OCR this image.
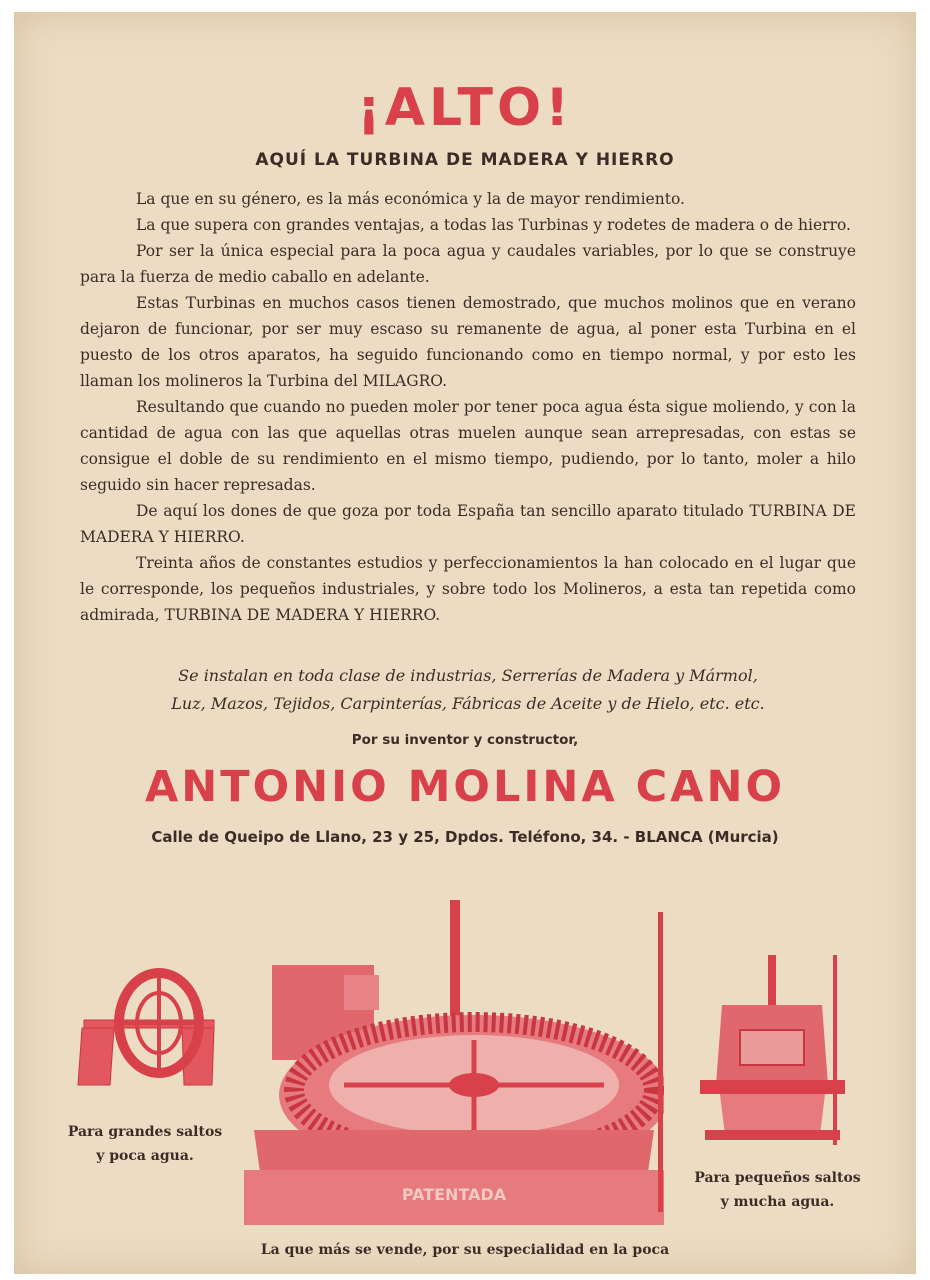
¡ALTO!
AQUÍ LA TURBINA DE MADERA Y HIERRO

La que en su género, es la más económica y la de mayor rendimiento.

La que supera con grandes ventajas, a todas las Turbinas y rodetes de madera o de hierro.

Por ser la única especial para la poca agua y caudales variables, por lo que se construye para la fuerza de medio caballo en adelante.

Estas Turbinas en muchos casos tienen demostrado, que muchos molinos que en verano dejaron de funcionar, por ser muy escaso su remanente de agua, al poner esta Turbina en el puesto de los otros aparatos, ha seguido funcionando como en tiempo normal, y por esto les llaman los molineros la Turbina del MILAGRO.

Resultando que cuando no pueden moler por tener poca agua ésta sigue moliendo, y con la cantidad de agua con las que aquellas otras muelen aunque sean arrepresadas, con estas se consigue el doble de su rendimiento en el mismo tiempo, pudiendo, por lo tanto, moler a hilo seguido sin hacer represadas.

De aquí los dones de que goza por toda España tan sencillo aparato titulado TURBINA DE MADERA Y HIERRO.

Treinta años de constantes estudios y perfeccionamientos la han colocado en el lugar que le corresponde, los pequeños industriales, y sobre todo los Molineros, a esta tan repetida como admirada, TURBINA DE MADERA Y HIERRO.

Se instalan en toda clase de industrias, Serrerías de Madera y Mármol,
Luz, Mazos, Tejidos, Carpinterías, Fábricas de Aceite y de Hielo, etc. etc.
Por su inventor y constructor,
ANTONIO MOLINA CANO
Calle de Queipo de Llano, 23 y 25, Dpdos. Teléfono, 34. - BLANCA (Murcia)
PATENTADA
Para grandes saltos
y poca agua.
Para pequeños saltos
y mucha agua.
La que más se vende, por su especialidad en la poca
